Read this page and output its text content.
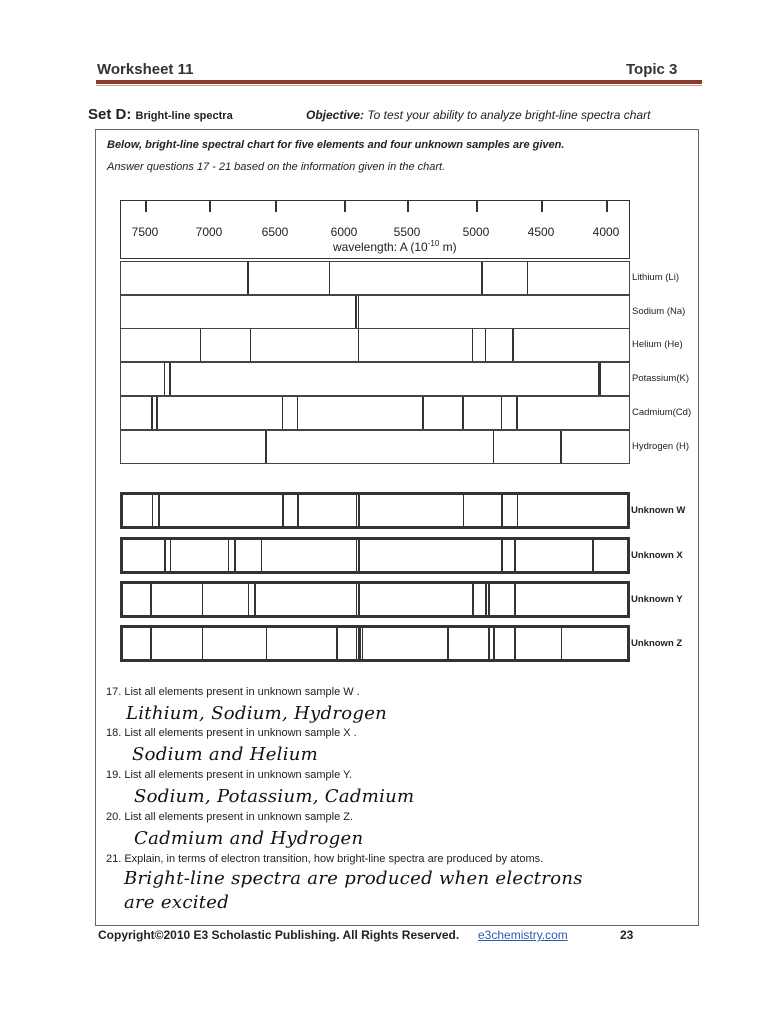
Worksheet 11	Topic 3
Set D: Bright-line spectra	Objective: To test your ability to analyze bright-line spectra chart
Below, bright-line spectral chart for five elements and four unknown samples are given.
Answer questions 17 - 21 based on the information given in the chart.
wavelength: A ($10^{-10}$ m)
7500	7000	6500	6000	5500	5000	4500	4000
Lithium (Li)
Sodium (Na)
Helium (He)
Potassium(K)
Cadmium(Cd)
Hydrogen (H)
Unknown W
Unknown X
Unknown Y
Unknown Z
17. List all elements present in unknown sample W .
Lithium, Sodium, Hydrogen
18. List all elements present in unknown sample X .
Sodium and Helium
19. List all elements present in unknown sample Y.
Sodium, Potassium, Cadmium
20. List all elements present in unknown sample Z.
Cadmium and Hydrogen
21. Explain, in terms of electron transition, how bright-line spectra are produced by atoms.
Bright-line spectra are produced when electrons
are excited
Copyright©2010 E3 Scholastic Publishing. All Rights Reserved. e3chemistry.com	23
